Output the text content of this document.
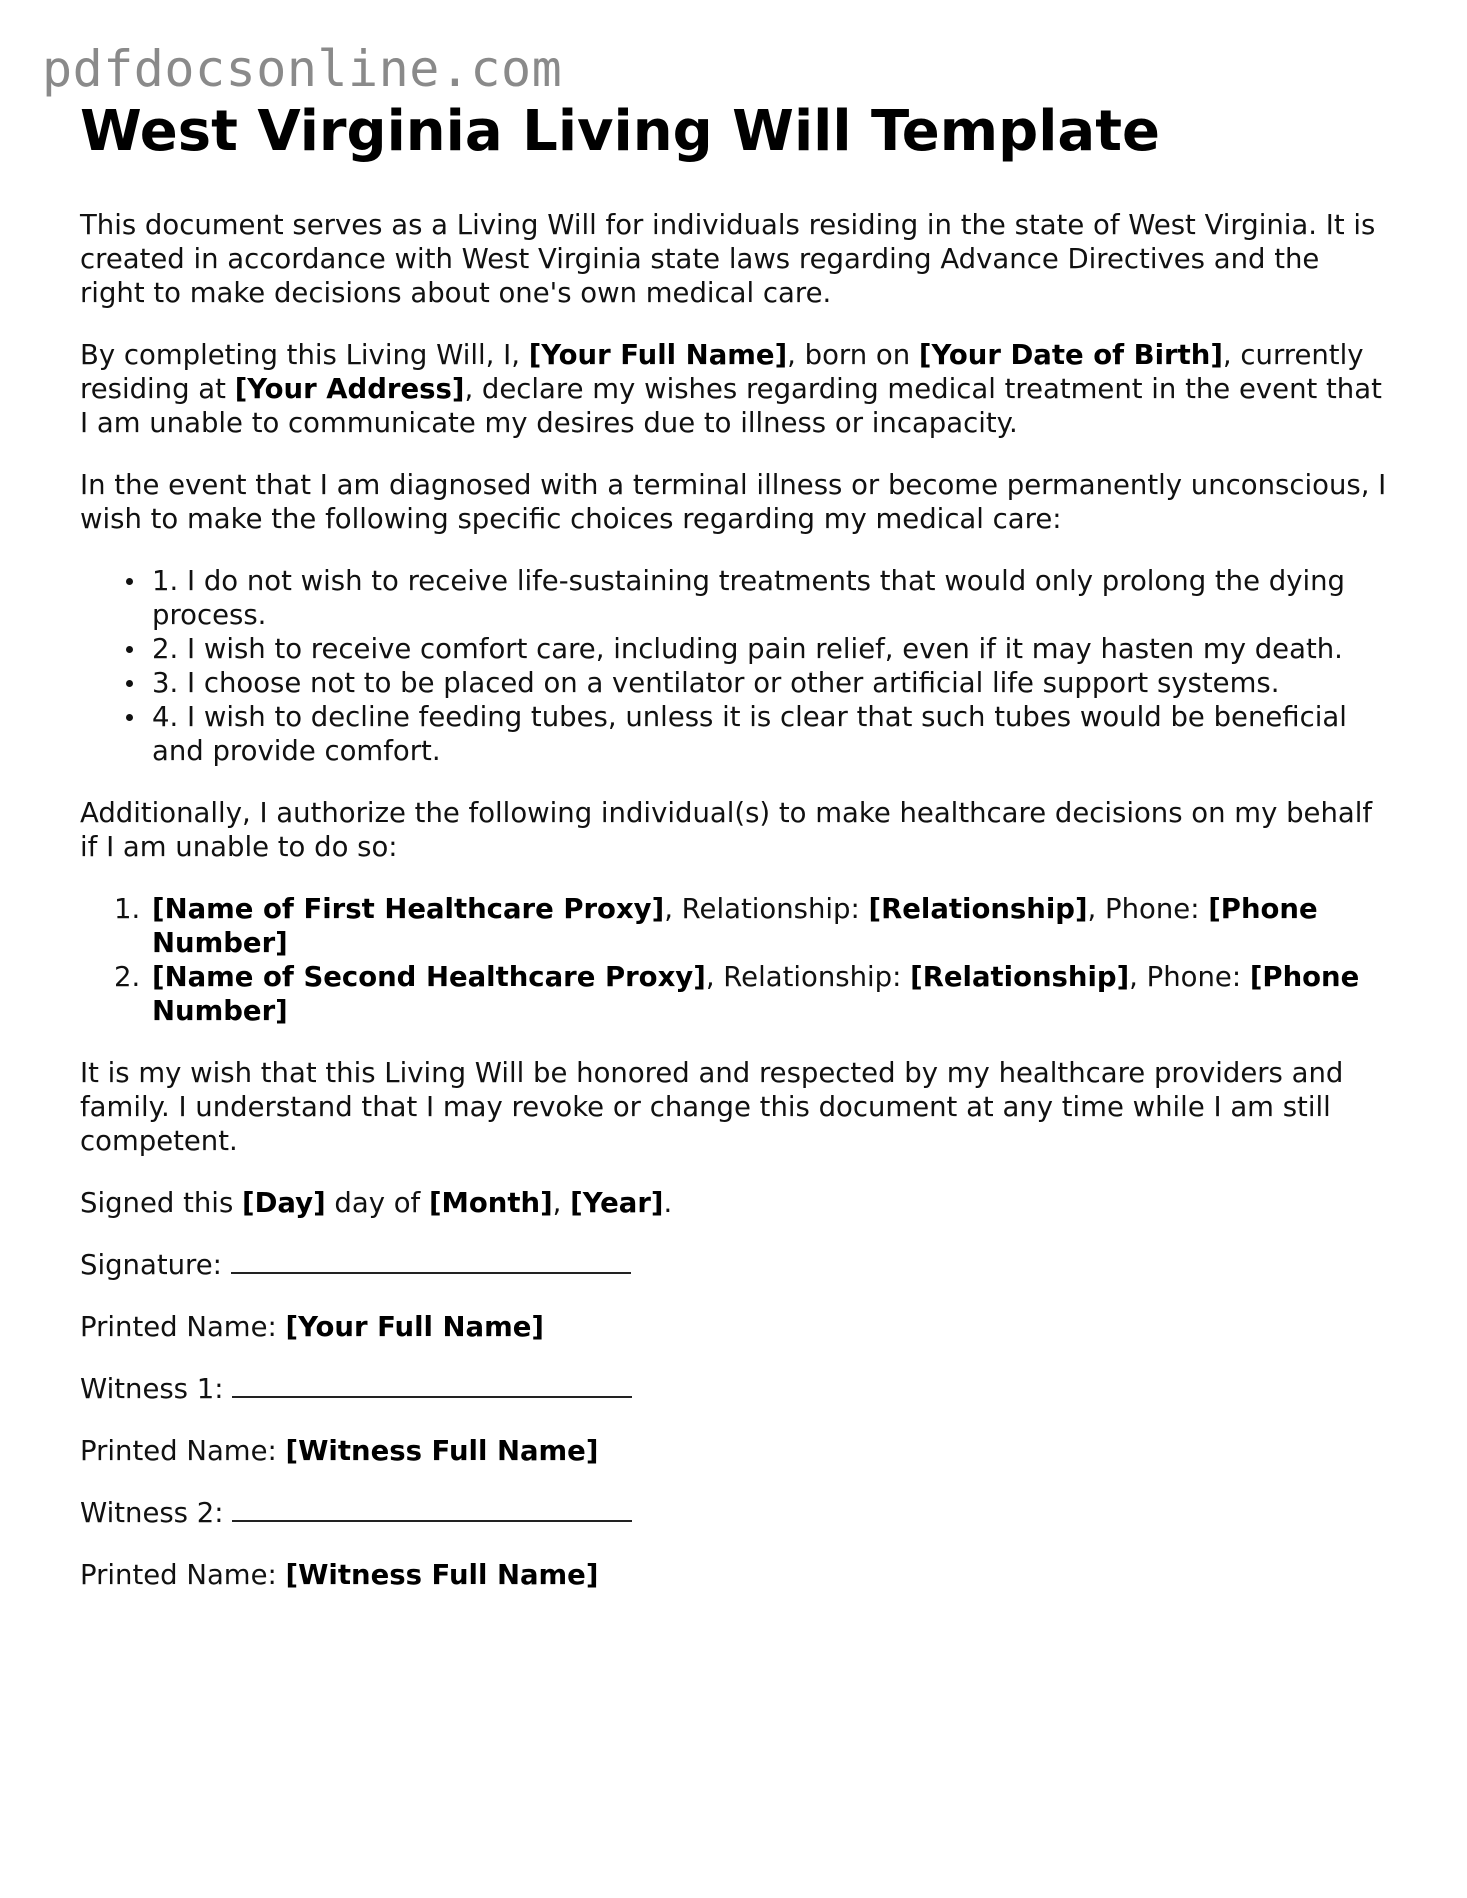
pdfdocsonline.com
West Virginia Living Will Template

This document serves as a Living Will for individuals residing in the state of West Virginia. It is created in accordance with West Virginia state laws regarding Advance Directives and the right to make decisions about one's own medical care.

By completing this Living Will, I, [Your Full Name], born on [Your Date of Birth], currently residing at [Your Address], declare my wishes regarding medical treatment in the event that I am unable to communicate my desires due to illness or incapacity.

In the event that I am diagnosed with a terminal illness or become permanently unconscious, I wish to make the following specific choices regarding my medical care:

1. I do not wish to receive life-sustaining treatments that would only prolong the dying process.
2. I wish to receive comfort care, including pain relief, even if it may hasten my death.
3. I choose not to be placed on a ventilator or other artificial life support systems.
4. I wish to decline feeding tubes, unless it is clear that such tubes would be beneficial and provide comfort.

Additionally, I authorize the following individual(s) to make healthcare decisions on my behalf if I am unable to do so:

1. [Name of First Healthcare Proxy], Relationship: [Relationship], Phone: [Phone Number]
2. [Name of Second Healthcare Proxy], Relationship: [Relationship], Phone: [Phone Number]

It is my wish that this Living Will be honored and respected by my healthcare providers and family. I understand that I may revoke or change this document at any time while I am still competent.

Signed this [Day] day of [Month], [Year].

Signature:

Printed Name: [Your Full Name]

Witness 1:

Printed Name: [Witness Full Name]

Witness 2:

Printed Name: [Witness Full Name]
